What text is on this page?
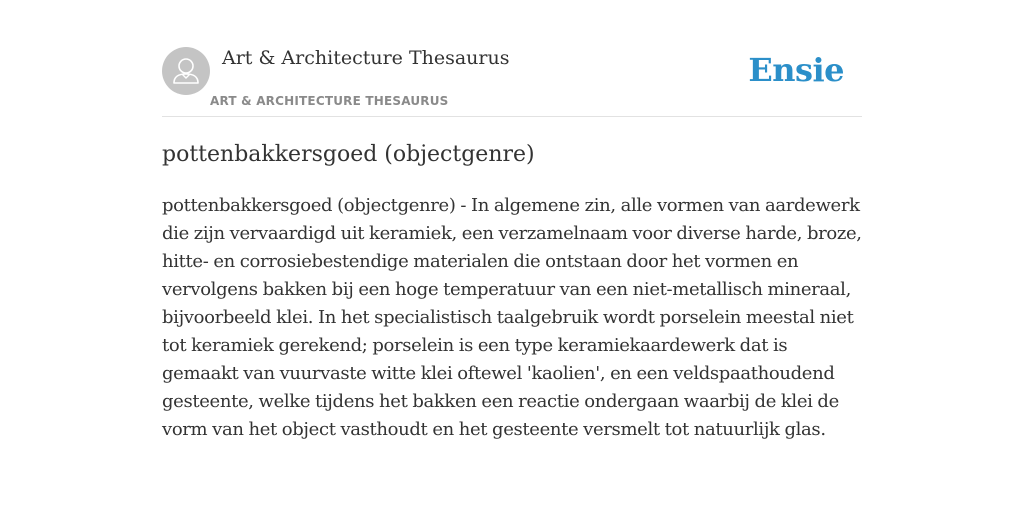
Art & Architecture Thesaurus
ART & ARCHITECTURE THESAURUS
Ensie
pottenbakkersgoed (objectgenre)

pottenbakkersgoed (objectgenre) - In algemene zin, alle vormen van aardewerk die zijn vervaardigd uit keramiek, een verzamelnaam voor diverse harde, broze, hitte- en corrosiebestendige materialen die ontstaan door het vormen en vervolgens bakken bij een hoge temperatuur van een niet-metallisch mineraal, bijvoorbeeld klei. In het specialistisch taalgebruik wordt porselein meestal niet tot keramiek gerekend; porselein is een type keramiekaardewerk dat is gemaakt van vuurvaste witte klei oftewel 'kaolien', en een veldspaathoudend gesteente, welke tijdens het bakken een reactie ondergaan waarbij de klei de vorm van het object vasthoudt en het gesteente versmelt tot natuurlijk glas.
